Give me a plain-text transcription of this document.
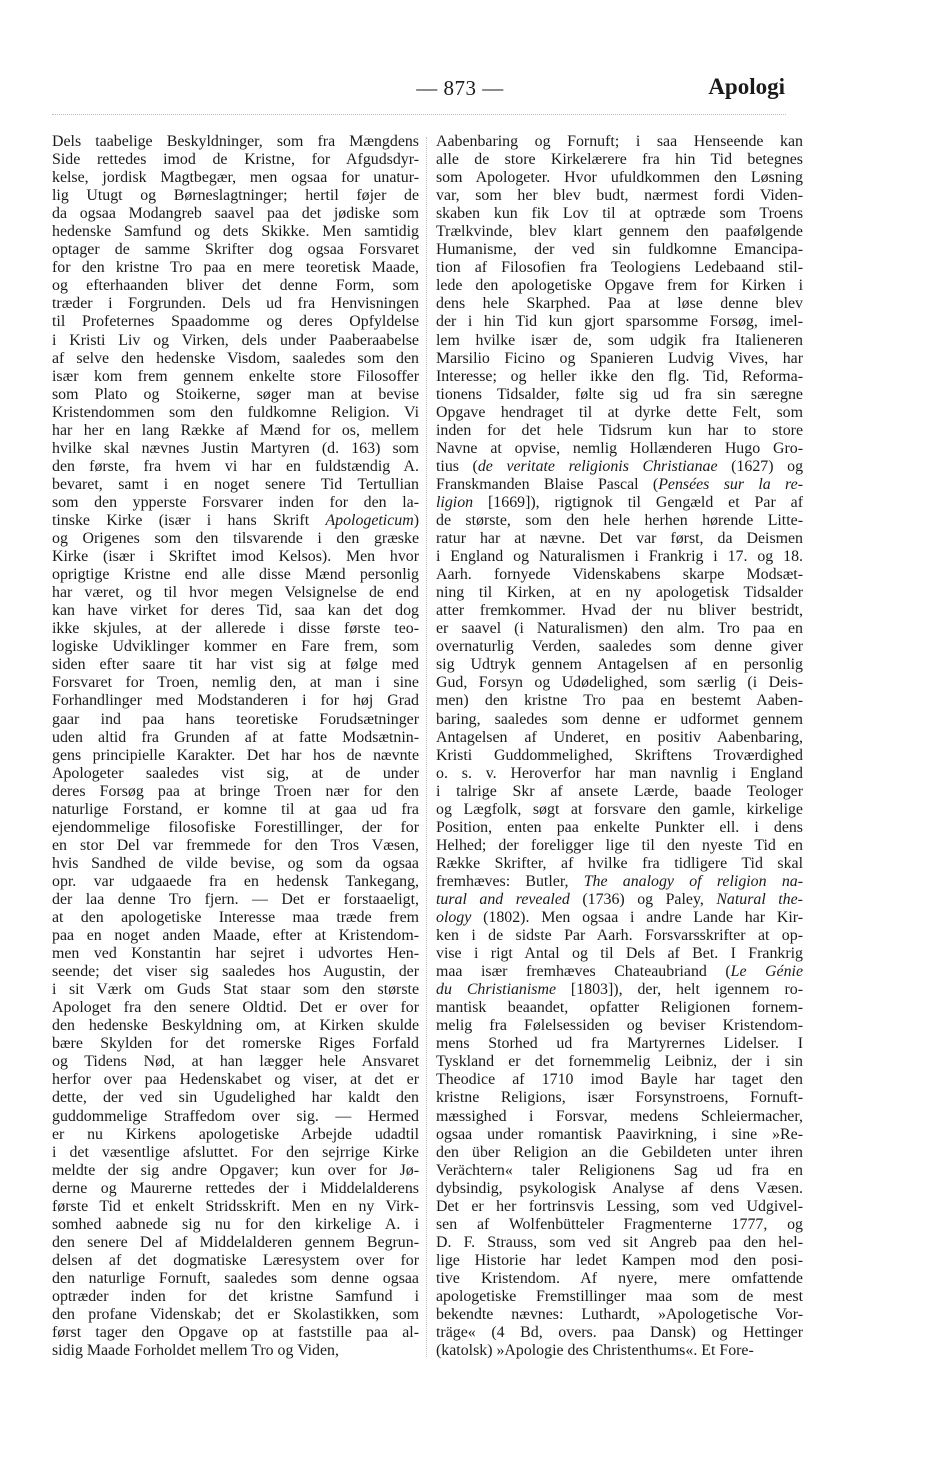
— 873 —	Apologi
Dels taabelige Beskyldninger, som fra Mængdens
Side rettedes imod de Kristne, for Afgudsdyr-
kelse, jordisk Magtbegær, men ogsaa for unatur-
lig Utugt og Børneslagtninger; hertil føjer de
da ogsaa Modangreb saavel paa det jødiske som
hedenske Samfund og dets Skikke. Men samtidig
optager de samme Skrifter dog ogsaa Forsvaret
for den kristne Tro paa en mere teoretisk Maade,
og efterhaanden bliver det denne Form, som
træder i Forgrunden. Dels ud fra Henvisningen
til Profeternes Spaadomme og deres Opfyldelse
i Kristi Liv og Virken, dels under Paaberaabelse
af selve den hedenske Visdom, saaledes som den
især kom frem gennem enkelte store Filosoffer
som Plato og Stoikerne, søger man at bevise
Kristendommen som den fuldkomne Religion. Vi
har her en lang Række af Mænd for os, mellem
hvilke skal nævnes Justin Martyren (d. 163) som
den første, fra hvem vi har en fuldstændig A.
bevaret, samt i en noget senere Tid Tertullian
som den ypperste Forsvarer inden for den la-
tinske Kirke (især i hans Skrift Apologeticum)
og Origenes som den tilsvarende i den græske
Kirke (især i Skriftet imod Kelsos). Men hvor
oprigtige Kristne end alle disse Mænd personlig
har været, og til hvor megen Velsignelse de end
kan have virket for deres Tid, saa kan det dog
ikke skjules, at der allerede i disse første teo-
logiske Udviklinger kommer en Fare frem, som
siden efter saare tit har vist sig at følge med
Forsvaret for Troen, nemlig den, at man i sine
Forhandlinger med Modstanderen i for høj Grad
gaar ind paa hans teoretiske Forudsætninger
uden altid fra Grunden af at fatte Modsætnin-
gens principielle Karakter. Det har hos de nævnte
Apologeter saaledes vist sig, at de under
deres Forsøg paa at bringe Troen nær for den
naturlige Forstand, er komne til at gaa ud fra
ejendommelige filosofiske Forestillinger, der for
en stor Del var fremmede for den Tros Væsen,
hvis Sandhed de vilde bevise, og som da ogsaa
opr. var udgaaede fra en hedensk Tankegang,
der laa denne Tro fjern. — Det er forstaaeligt,
at den apologetiske Interesse maa træde frem
paa en noget anden Maade, efter at Kristendom-
men ved Konstantin har sejret i udvortes Hen-
seende; det viser sig saaledes hos Augustin, der
i sit Værk om Guds Stat staar som den største
Apologet fra den senere Oldtid. Det er over for
den hedenske Beskyldning om, at Kirken skulde
bære Skylden for det romerske Riges Forfald
og Tidens Nød, at han lægger hele Ansvaret
herfor over paa Hedenskabet og viser, at det er
dette, der ved sin Ugudelighed har kaldt den
guddommelige Straffedom over sig. — Hermed
er nu Kirkens apologetiske Arbejde udadtil
i det væsentlige afsluttet. For den sejrrige Kirke
meldte der sig andre Opgaver; kun over for Jø-
derne og Maurerne rettedes der i Middelalderens
første Tid et enkelt Stridsskrift. Men en ny Virk-
somhed aabnede sig nu for den kirkelige A. i
den senere Del af Middelalderen gennem Begrun-
delsen af det dogmatiske Læresystem over for
den naturlige Fornuft, saaledes som denne ogsaa
optræder inden for det kristne Samfund i
den profane Videnskab; det er Skolastikken, som
først tager den Opgave op at faststille paa al-
sidig Maade Forholdet mellem Tro og Viden,
Aabenbaring og Fornuft; i saa Henseende kan
alle de store Kirkelærere fra hin Tid betegnes
som Apologeter. Hvor ufuldkommen den Løsning
var, som her blev budt, nærmest fordi Viden-
skaben kun fik Lov til at optræde som Troens
Trælkvinde, blev klart gennem den paafølgende
Humanisme, der ved sin fuldkomne Emancipa-
tion af Filosofien fra Teologiens Ledebaand stil-
lede den apologetiske Opgave frem for Kirken i
dens hele Skarphed. Paa at løse denne blev
der i hin Tid kun gjort sparsomme Forsøg, imel-
lem hvilke især de, som udgik fra Italieneren
Marsilio Ficino og Spanieren Ludvig Vives, har
Interesse; og heller ikke den flg. Tid, Reforma-
tionens Tidsalder, følte sig ud fra sin særegne
Opgave hendraget til at dyrke dette Felt, som
inden for det hele Tidsrum kun har to store
Navne at opvise, nemlig Hollænderen Hugo Gro-
tius (de veritate religionis Christianae (1627) og
Franskmanden Blaise Pascal (Pensées sur la re-
ligion [1669]), rigtignok til Gengæld et Par af
de største, som den hele herhen hørende Litte-
ratur har at nævne. Det var først, da Deismen
i England og Naturalismen i Frankrig i 17. og 18.
Aarh. fornyede Videnskabens skarpe Modsæt-
ning til Kirken, at en ny apologetisk Tidsalder
atter fremkommer. Hvad der nu bliver bestridt,
er saavel (i Naturalismen) den alm. Tro paa en
overnaturlig Verden, saaledes som denne giver
sig Udtryk gennem Antagelsen af en personlig
Gud, Forsyn og Udødelighed, som særlig (i Deis-
men) den kristne Tro paa en bestemt Aaben-
baring, saaledes som denne er udformet gennem
Antagelsen af Underet, en positiv Aabenbaring,
Kristi Guddommelighed, Skriftens Troværdighed
o. s. v. Heroverfor har man navnlig i England
i talrige Skr af ansete Lærde, baade Teologer
og Lægfolk, søgt at forsvare den gamle, kirkelige
Position, enten paa enkelte Punkter ell. i dens
Helhed; der foreligger lige til den nyeste Tid en
Række Skrifter, af hvilke fra tidligere Tid skal
fremhæves: Butler, The analogy of religion na-
tural and revealed (1736) og Paley, Natural the-
ology (1802). Men ogsaa i andre Lande har Kir-
ken i de sidste Par Aarh. Forsvarsskrifter at op-
vise i rigt Antal og til Dels af Bet. I Frankrig
maa især fremhæves Chateaubriand (Le Génie
du Christianisme [1803]), der, helt igennem ro-
mantisk beaandet, opfatter Religionen fornem-
melig fra Følelsessiden og beviser Kristendom-
mens Storhed ud fra Martyrernes Lidelser. I
Tyskland er det fornemmelig Leibniz, der i sin
Theodice af 1710 imod Bayle har taget den
kristne Religions, især Forsynstroens, Fornuft-
mæssighed i Forsvar, medens Schleiermacher,
ogsaa under romantisk Paavirkning, i sine »Re-
den über Religion an die Gebildeten unter ihren
Verächtern« taler Religionens Sag ud fra en
dybsindig, psykologisk Analyse af dens Væsen.
Det er her fortrinsvis Lessing, som ved Udgivel-
sen af Wolfenbütteler Fragmenterne 1777, og
D. F. Strauss, som ved sit Angreb paa den hel-
lige Historie har ledet Kampen mod den posi-
tive Kristendom. Af nyere, mere omfattende
apologetiske Fremstillinger maa som de mest
bekendte nævnes: Luthardt, »Apologetische Vor-
träge« (4 Bd, overs. paa Dansk) og Hettinger
(katolsk) »Apologie des Christenthums«. Et Fore-
